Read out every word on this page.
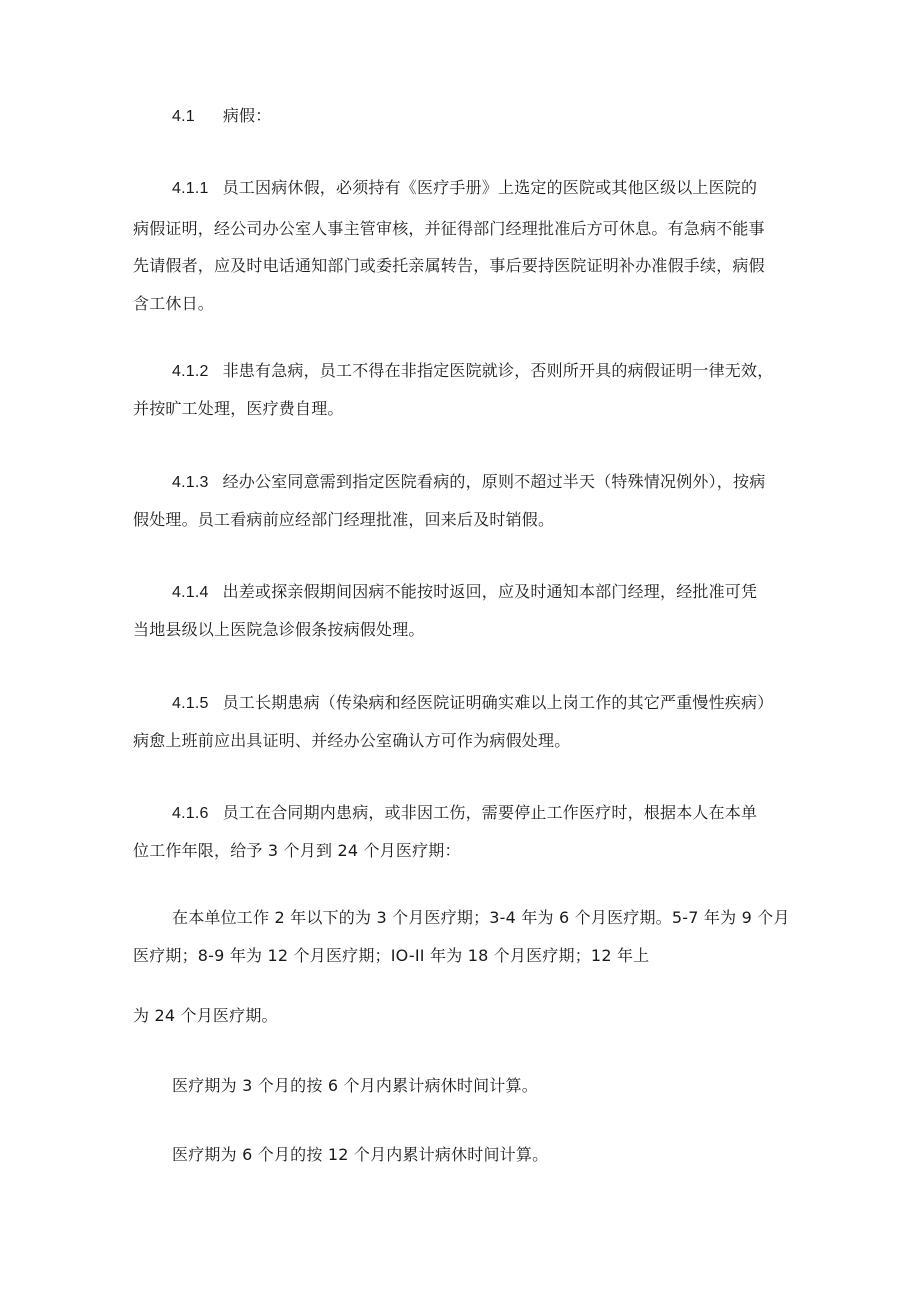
4.1 病假：
4.1.1 员工因病休假，必须持有《医疗手册》上选定的医院或其他区级以上医院的
病假证明，经公司办公室人事主管审核，并征得部门经理批准后方可休息。有急病不能事
先请假者，应及时电话通知部门或委托亲属转告，事后要持医院证明补办准假手续，病假
含工休日。
4.1.2 非患有急病，员工不得在非指定医院就诊，否则所开具的病假证明一律无效，
并按旷工处理，医疗费自理。
4.1.3 经办公室同意需到指定医院看病的，原则不超过半天（特殊情况例外），按病
假处理。员工看病前应经部门经理批准，回来后及时销假。
4.1.4 出差或探亲假期间因病不能按时返回，应及时通知本部门经理，经批准可凭
当地县级以上医院急诊假条按病假处理。
4.1.5 员工长期患病（传染病和经医院证明确实难以上岗工作的其它严重慢性疾病）
病愈上班前应出具证明、并经办公室确认方可作为病假处理。
4.1.6 员工在合同期内患病，或非因工伤，需要停止工作医疗时，根据本人在本单
位工作年限，给予 3 个月到 24 个月医疗期：
在本单位工作 2 年以下的为 3 个月医疗期；3-4 年为 6 个月医疗期。5-7 年为 9 个月
医疗期；8-9 年为 12 个月医疗期；IO-II 年为 18 个月医疗期；12 年上
为 24 个月医疗期。
医疗期为 3 个月的按 6 个月内累计病休时间计算。
医疗期为 6 个月的按 12 个月内累计病休时间计算。
